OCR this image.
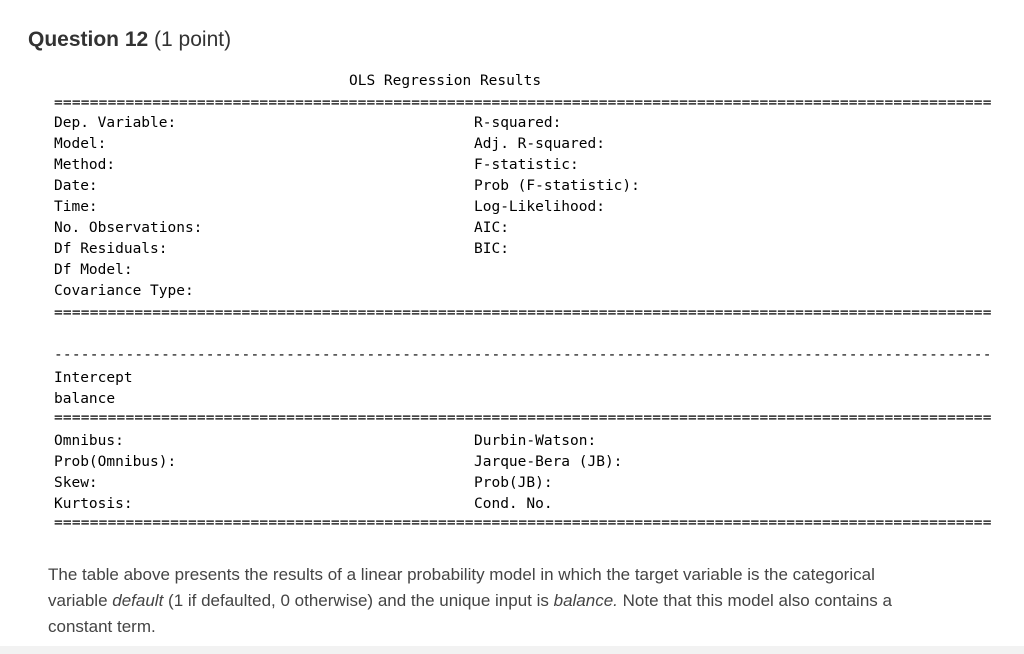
Question 12 (1 point)
OLS Regression Results
=========================================================================================================
Dep. Variable:
Model:
Method:
Date:
Time:
No. Observations:
Df Residuals:
Df Model:
Covariance Type:
R-squared:
Adj. R-squared:
F-statistic:
Prob (F-statistic):
Log-Likelihood:
AIC:
BIC:
=========================================================================================================
---------------------------------------------------------------------------------------------------------
Intercept
balance
=========================================================================================================
Omnibus:
Prob(Omnibus):
Skew:
Kurtosis:
Durbin-Watson:
Jarque-Bera (JB):
Prob(JB):
Cond. No.
=========================================================================================================
The table above presents the results of a linear probability model in which the target variable is the categorical variable default (1 if defaulted, 0 otherwise) and the unique input is balance. Note that this model also contains a constant term.
